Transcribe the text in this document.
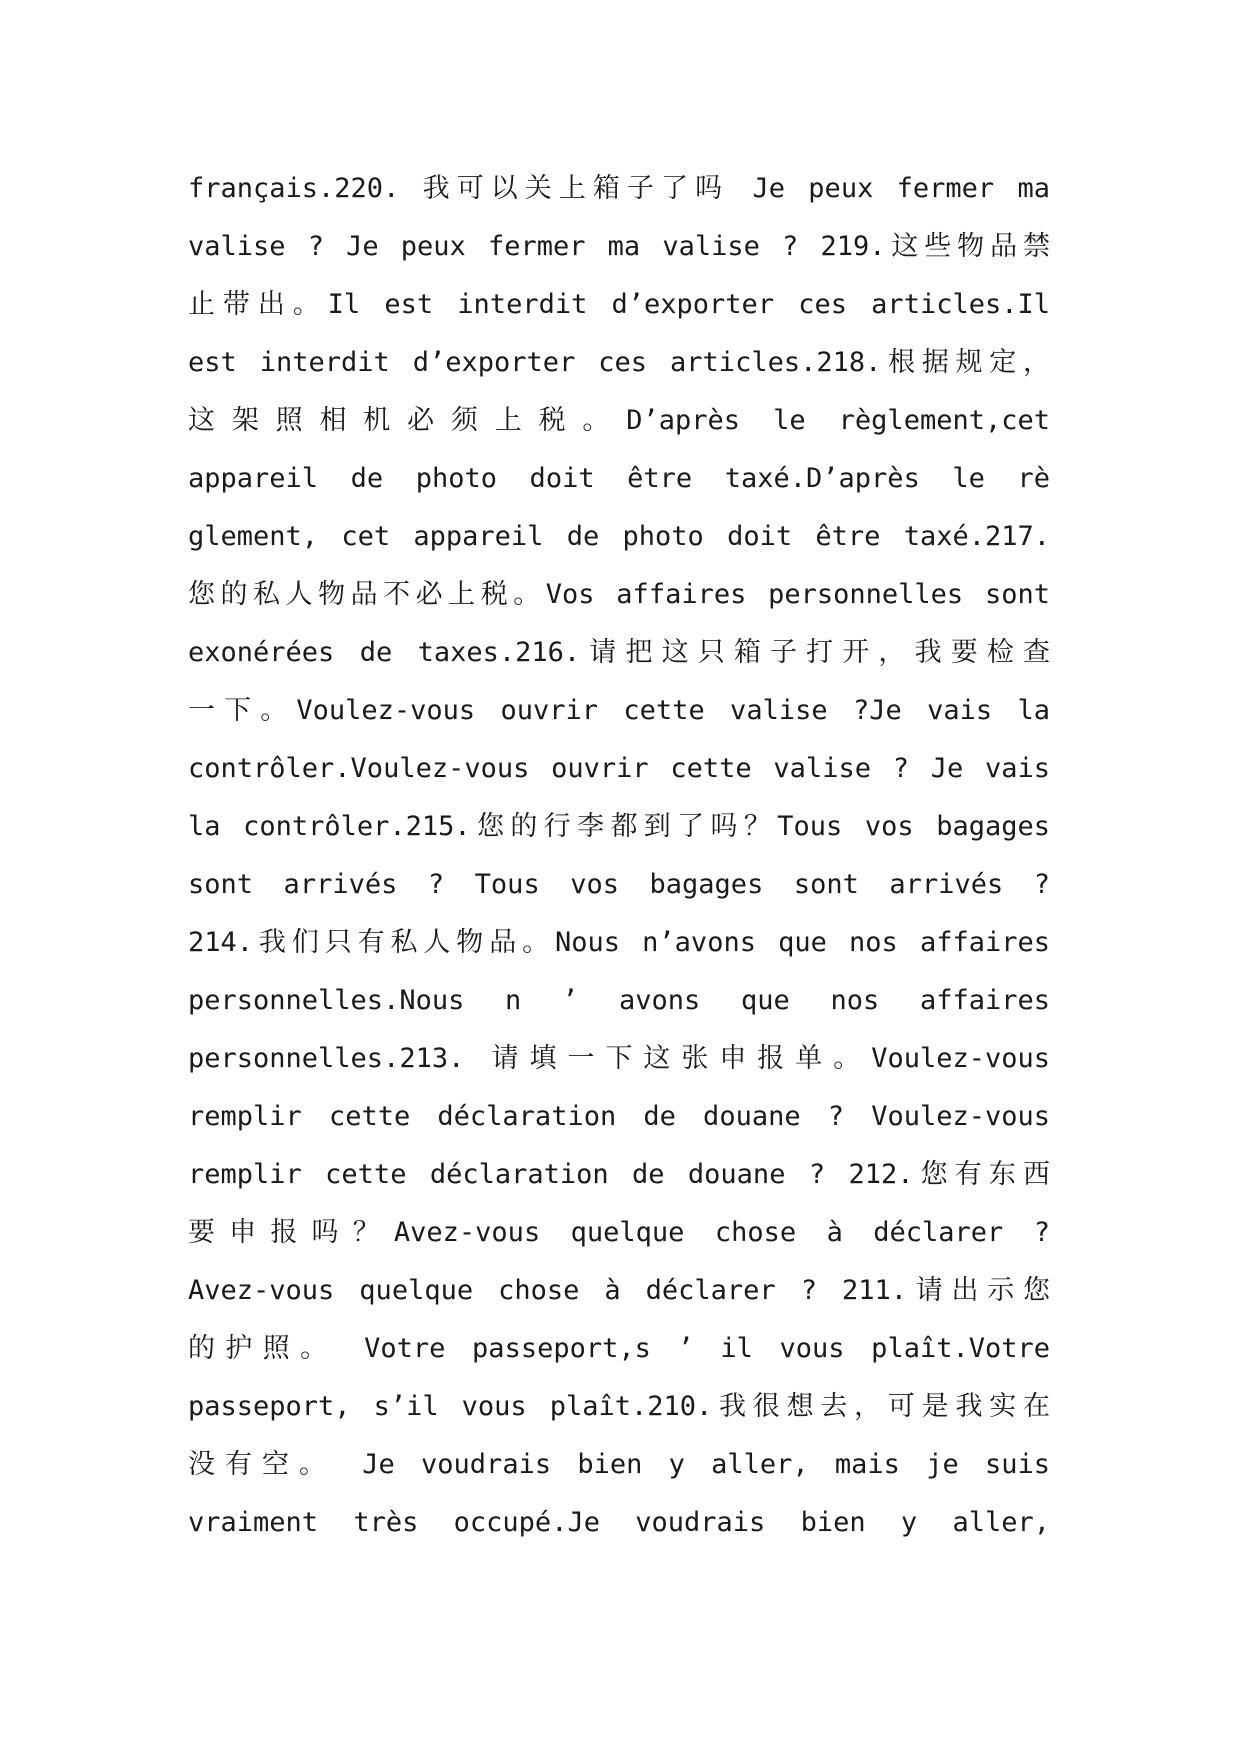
français.220. 我可以关上箱子了吗 Je peux fermer ma
valise ? Je peux fermer ma valise ? 219.这些物品禁
止带出。Il est interdit d’exporter ces articles.Il
est interdit d’exporter ces articles.218.根据规定，
这架照相机必须上税。D’après le règlement,cet
appareil de photo doit être taxé.D’après le rè
glement, cet appareil de photo doit être taxé.217.
您的私人物品不必上税。Vos affaires personnelles sont
exonérées de taxes.216.请把这只箱子打开，我要检查
一下。Voulez-vous ouvrir cette valise ?Je vais la
contrôler.Voulez-vous ouvrir cette valise ? Je vais
la contrôler.215.您的行李都到了吗？Tous vos bagages
sont arrivés ? Tous vos bagages sont arrivés ?
214.我们只有私人物品。Nous n’avons que nos affaires
personnelles.Nous n ’ avons que nos affaires
personnelles.213. 请填一下这张申报单。Voulez-vous
remplir cette déclaration de douane ? Voulez-vous
remplir cette déclaration de douane ? 212.您有东西
要申报吗？Avez-vous quelque chose à déclarer ?
Avez-vous quelque chose à déclarer ? 211.请出示您
的护照。 Votre passeport,s ’ il vous plaît.Votre
passeport, s’il vous plaît.210.我很想去，可是我实在
没有空。 Je voudrais bien y aller, mais je suis
vraiment très occupé.Je voudrais bien y aller,
